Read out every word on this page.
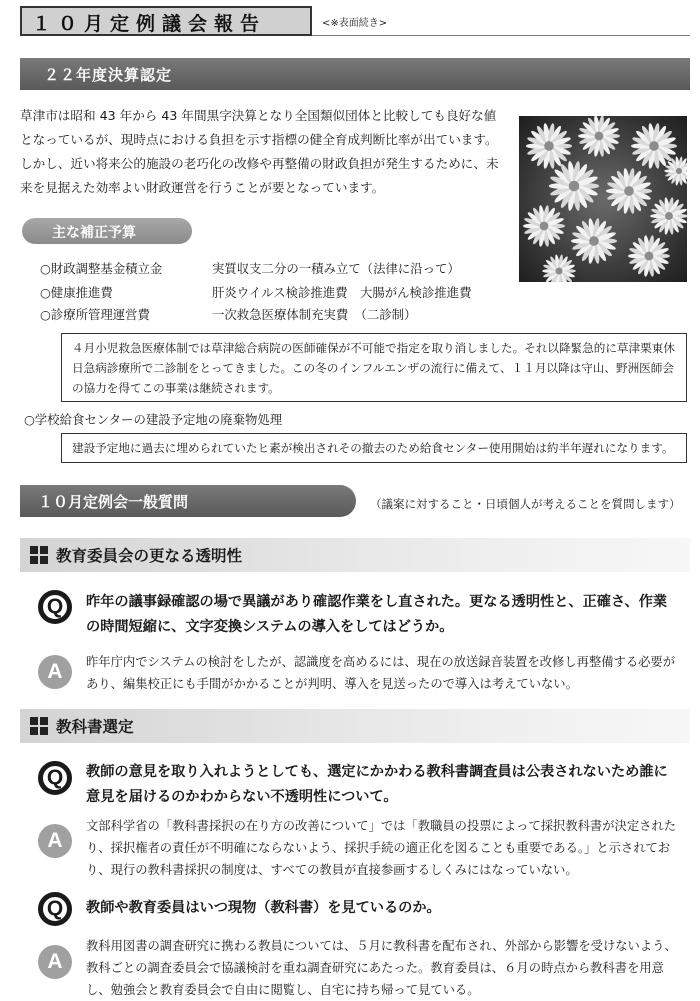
１０月定例議会報告	<※表面続き>
２２年度決算認定
草津市は昭和 43 年から 43 年間黒字決算となり全国類似団体と比較しても良好な値となっているが、現時点における負担を示す指標の健全育成判断比率が出ています。しかし、近い将来公的施設の老巧化の改修や再整備の財政負担が発生するために、未来を見据えた効率よい財政運営を行うことが要となっています。
主な補正予算
○財政調整基金積立金	実質収支二分の一積み立て（法律に沿って）
○健康推進費	肝炎ウイルス検診推進費　大腸がん検診推進費
○診療所管理運営費	一次救急医療体制充実費　（二診制）
４月小児救急医療体制では草津総合病院の医師確保が不可能で指定を取り消しました。それ以降緊急的に草津栗東休日急病診療所で二診制をとってきました。この冬のインフルエンザの流行に備えて、１１月以降は守山、野洲医師会の協力を得てこの事業は継続されます。
○学校給食センターの建設予定地の廃棄物処理
建設予定地に過去に埋められていたヒ素が検出されその撤去のため給食センター使用開始は約半年遅れになります。
１０月定例会一般質問	（議案に対すること・日頃個人が考えることを質問します）
教育委員会の更なる透明性
Q	昨年の議事録確認の場で異議があり確認作業をし直された。更なる透明性と、正確さ、作業の時間短縮に、文字変換システムの導入をしてはどうか。
A	昨年庁内でシステムの検討をしたが、認識度を高めるには、現在の放送録音装置を改修し再整備する必要があり、編集校正にも手間がかかることが判明、導入を見送ったので導入は考えていない。
教科書選定
Q	教師の意見を取り入れようとしても、選定にかかわる教科書調査員は公表されないため誰に意見を届けるのかわからない不透明性について。
A
文部科学省の「教科書採択の在り方の改善について」では「教職員の投票によって採択教科書が決定されたり、採択権者の責任が不明確にならないよう、採択手続の適正化を図ることも重要である。」と示されており、現行の教科書採択の制度は、すべての教員が直接参画するしくみにはなっていない。
Q	教師や教育委員はいつ現物（教科書）を見ているのか。
A
教科用図書の調査研究に携わる教員については、５月に教科書を配布され、外部から影響を受けないよう、教科ごとの調査委員会で協議検討を重ね調査研究にあたった。教育委員は、６月の時点から教科書を用意し、勉強会と教育委員会で自由に閲覧し、自宅に持ち帰って見ている。
